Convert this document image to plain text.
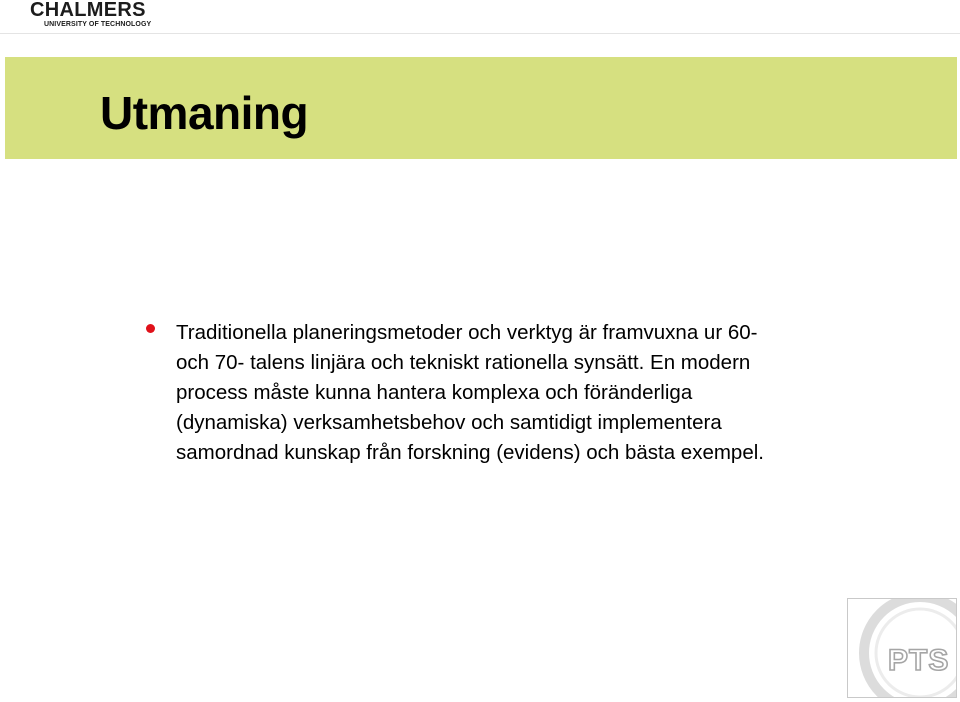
CHALMERS
UNIVERSITY OF TECHNOLOGY
Utmaning
Traditionella planeringsmetoder och verktyg är framvuxna ur 60-
och 70- talens linjära och tekniskt rationella synsätt. En modern
process måste kunna hantera komplexa och föränderliga
(dynamiska) verksamhetsbehov och samtidigt implementera
samordnad kunskap från forskning (evidens) och bästa exempel.
PTS
